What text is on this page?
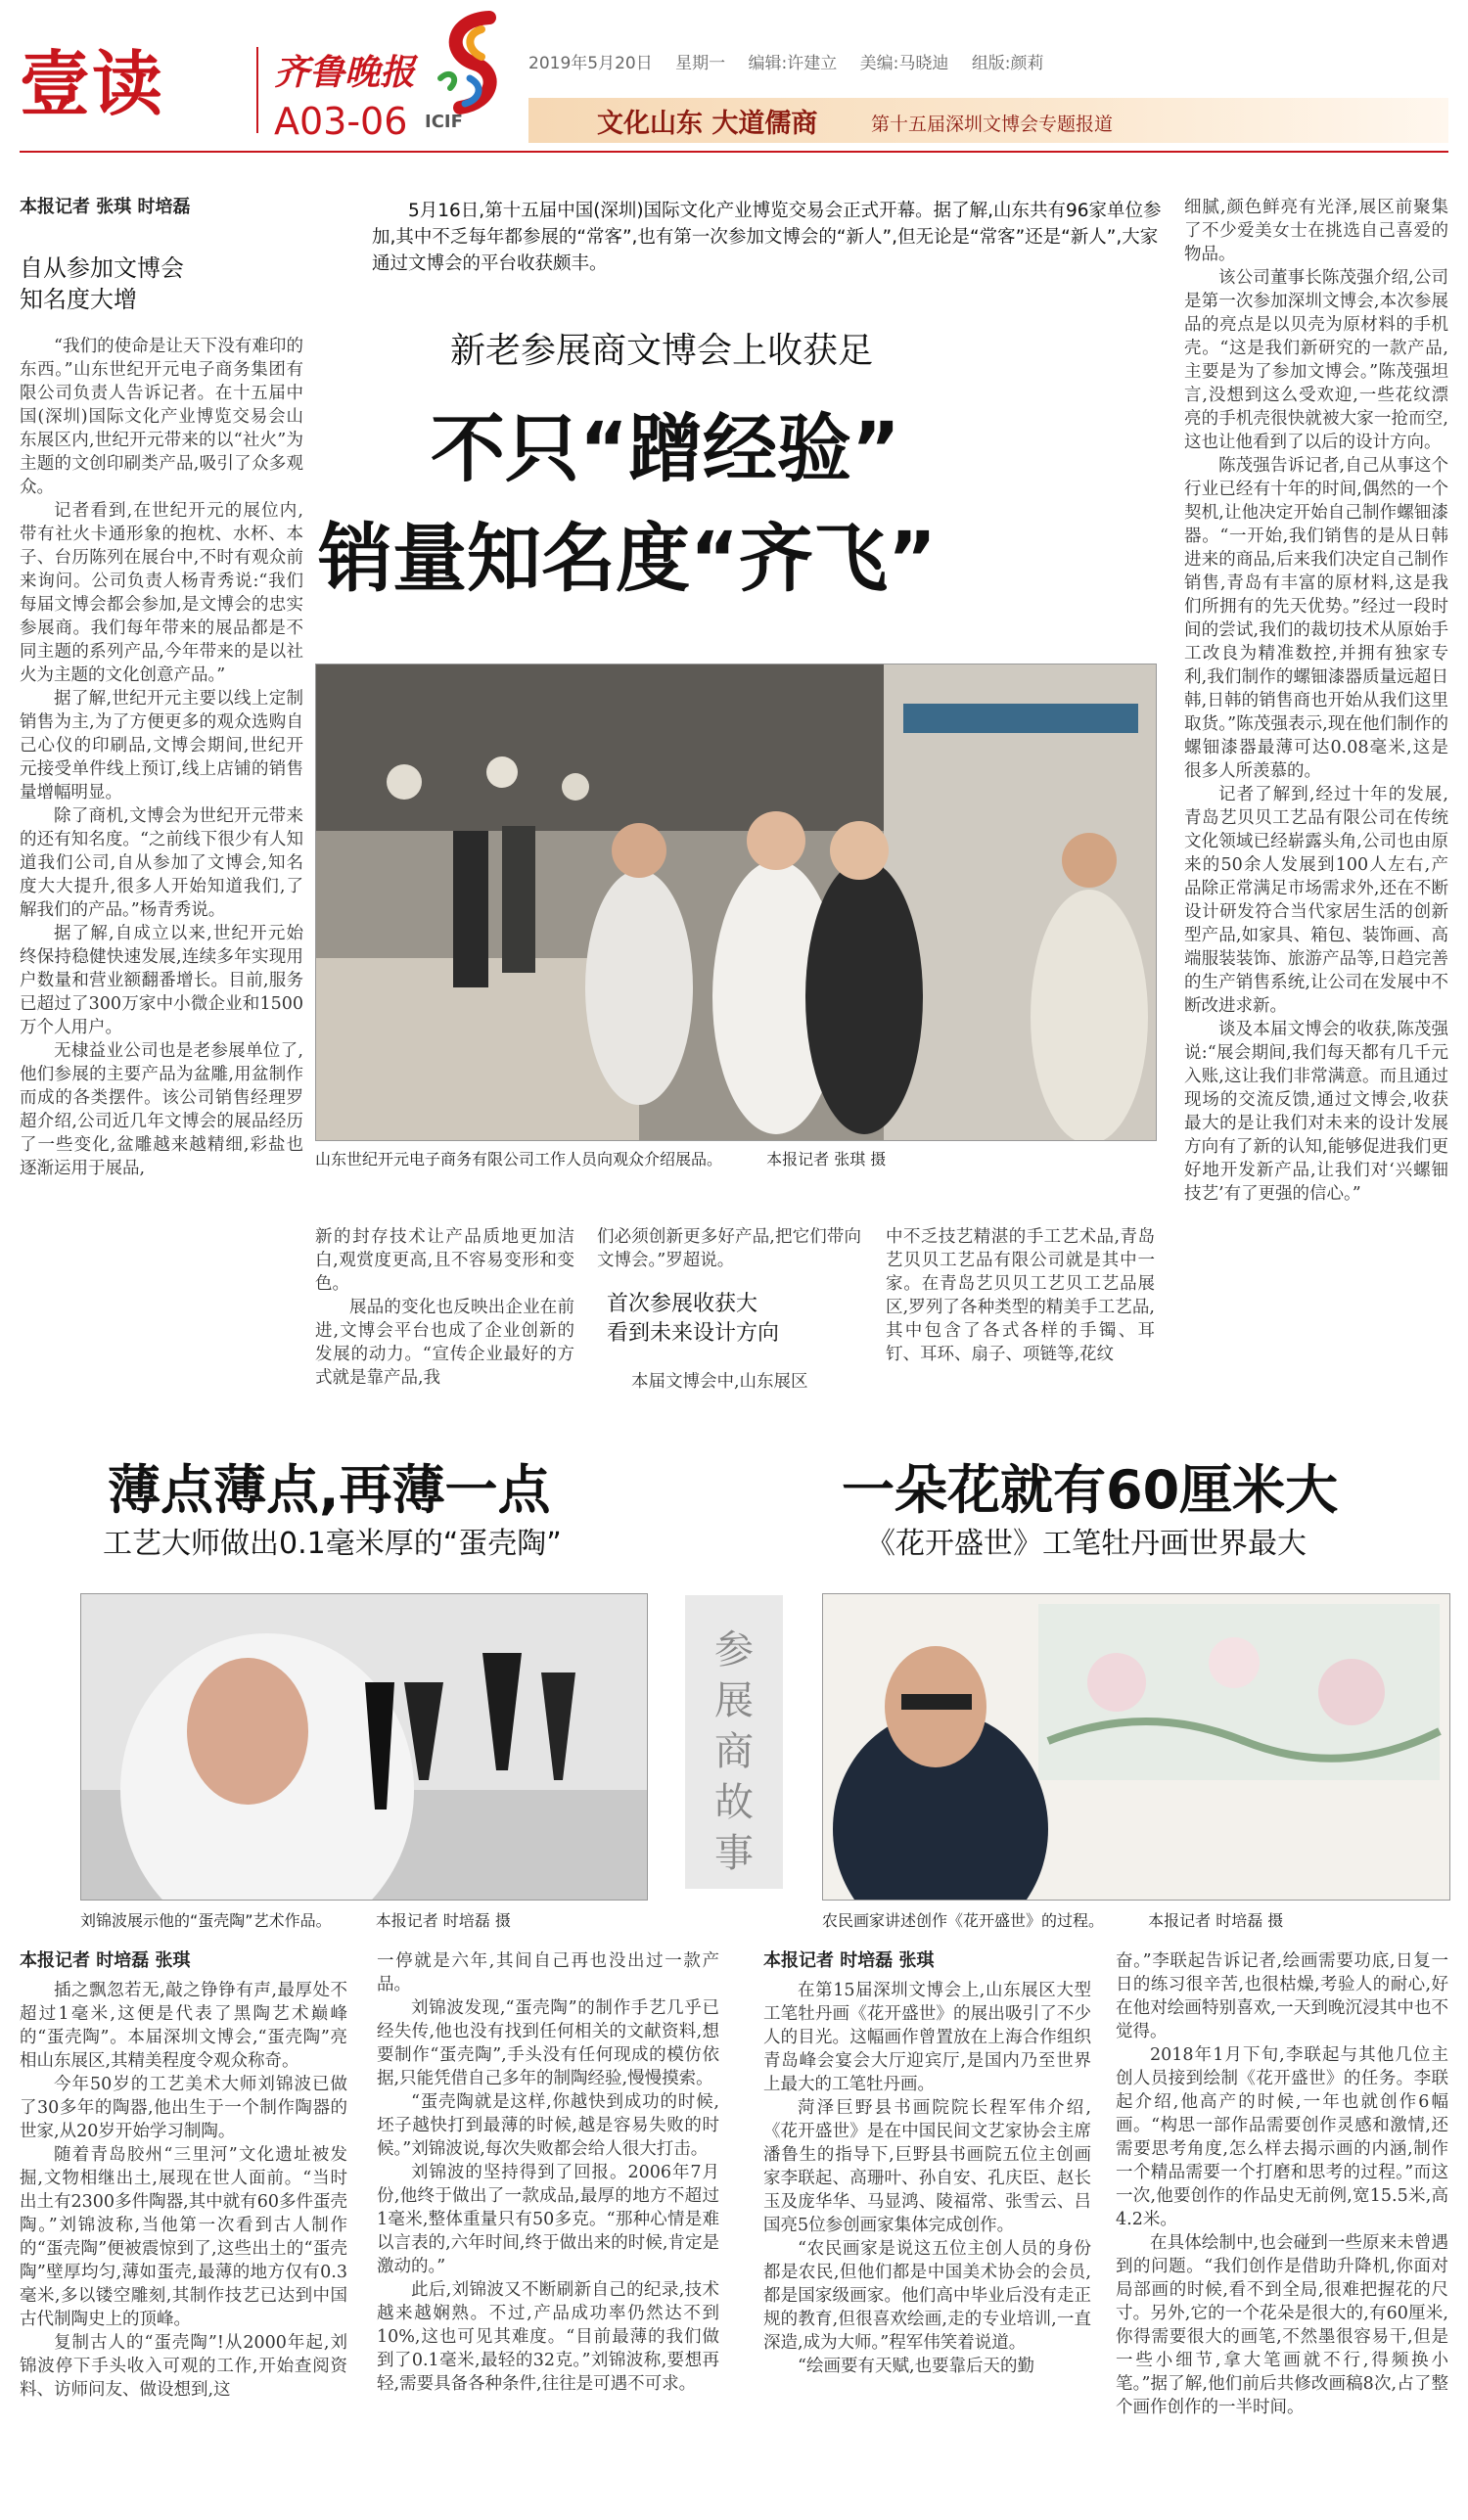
壹读	齐鲁晚报
A03-06 ICIF
2019年5月20日 星期一 编辑:许建立 美编:马晓迪 组版:颜莉
文化山东 大道儒商	第十五届深圳文博会专题报道
本报记者 张琪 时培磊
自从参加文博会
知名度大增

“我们的使命是让天下没有难印的东西。”山东世纪开元电子商务集团有限公司负责人告诉记者。在十五届中国(深圳)国际文化产业博览交易会山东展区内,世纪开元带来的以“社火”为主题的文创印刷类产品,吸引了众多观众。

记者看到,在世纪开元的展位内,带有社火卡通形象的抱枕、水杯、本子、台历陈列在展台中,不时有观众前来询问。公司负责人杨青秀说:“我们每届文博会都会参加,是文博会的忠实参展商。我们每年带来的展品都是不同主题的系列产品,今年带来的是以社火为主题的文化创意产品。”

据了解,世纪开元主要以线上定制销售为主,为了方便更多的观众选购自己心仪的印刷品,文博会期间,世纪开元接受单件线上预订,线上店铺的销售量增幅明显。

除了商机,文博会为世纪开元带来的还有知名度。“之前线下很少有人知道我们公司,自从参加了文博会,知名度大大提升,很多人开始知道我们,了解我们的产品。”杨青秀说。

据了解,自成立以来,世纪开元始终保持稳健快速发展,连续多年实现用户数量和营业额翻番增长。目前,服务已超过了300万家中小微企业和1500万个人用户。

无棣益业公司也是老参展单位了,他们参展的主要产品为盆雕,用盆制作而成的各类摆件。该公司销售经理罗超介绍,公司近几年文博会的展品经历了一些变化,盆雕越来越精细,彩盐也逐渐运用于展品,

5月16日,第十五届中国(深圳)国际文化产业博览交易会正式开幕。据了解,山东共有96家单位参加,其中不乏每年都参展的“常客”,也有第一次参加文博会的“新人”,但无论是“常客”还是“新人”,大家通过文博会的平台收获颇丰。
新老参展商文博会上收获足
不只“蹭经验”
销量知名度“齐飞”
山东世纪开元电子商务有限公司工作人员向观众介绍展品。	本报记者 张琪 摄
新的封存技术让产品质地更加洁白,观赏度更高,且不容易变形和变色。

展品的变化也反映出企业在前进,文博会平台也成了企业创新的发展的动力。“宣传企业最好的方式就是靠产品,我

们必须创新更多好产品,把它们带向文博会。”罗超说。
首次参展收获大
看到未来设计方向

本届文博会中,山东展区

中不乏技艺精湛的手工艺术品,青岛艺贝贝工艺品有限公司就是其中一家。在青岛艺贝贝工艺贝工艺品展区,罗列了各种类型的精美手工艺品,其中包含了各式各样的手镯、耳钉、耳环、扇子、项链等,花纹
细腻,颜色鲜亮有光泽,展区前聚集了不少爱美女士在挑选自己喜爱的物品。

该公司董事长陈茂强介绍,公司是第一次参加深圳文博会,本次参展品的亮点是以贝壳为原材料的手机壳。“这是我们新研究的一款产品,主要是为了参加文博会。”陈茂强坦言,没想到这么受欢迎,一些花纹漂亮的手机壳很快就被大家一抢而空,这也让他看到了以后的设计方向。

陈茂强告诉记者,自己从事这个行业已经有十年的时间,偶然的一个契机,让他决定开始自己制作螺钿漆器。“一开始,我们销售的是从日韩进来的商品,后来我们决定自己制作销售,青岛有丰富的原材料,这是我们所拥有的先天优势。”经过一段时间的尝试,我们的裁切技术从原始手工改良为精准数控,并拥有独家专利,我们制作的螺钿漆器质量远超日韩,日韩的销售商也开始从我们这里取货。”陈茂强表示,现在他们制作的螺钿漆器最薄可达0.08毫米,这是很多人所羡慕的。

记者了解到,经过十年的发展,青岛艺贝贝工艺品有限公司在传统文化领域已经崭露头角,公司也由原来的50余人发展到100人左右,产品除正常满足市场需求外,还在不断设计研发符合当代家居生活的创新型产品,如家具、箱包、装饰画、高端服装装饰、旅游产品等,日趋完善的生产销售系统,让公司在发展中不断改进求新。

谈及本届文博会的收获,陈茂强说:“展会期间,我们每天都有几千元入账,这让我们非常满意。而且通过现场的交流反馈,通过文博会,收获最大的是让我们对未来的设计发展方向有了新的认知,能够促进我们更好地开发新产品,让我们对‘兴螺钿技艺’有了更强的信心。”

薄点薄点,再薄一点
工艺大师做出0.1毫米厚的“蛋壳陶”
一朵花就有60厘米大
《花开盛世》工笔牡丹画世界最大
刘锦波展示他的“蛋壳陶”艺术作品。	本报记者 时培磊 摄
参展商故事
农民画家讲述创作《花开盛世》的过程。	本报记者 时培磊 摄
本报记者 时培磊 张琪

插之飘忽若无,敲之铮铮有声,最厚处不超过1毫米,这便是代表了黑陶艺术巅峰的“蛋壳陶”。本届深圳文博会,“蛋壳陶”亮相山东展区,其精美程度令观众称奇。

今年50岁的工艺美术大师刘锦波已做了30多年的陶器,他出生于一个制作陶器的世家,从20岁开始学习制陶。

随着青岛胶州“三里河”文化遗址被发掘,文物相继出土,展现在世人面前。“当时出土有2300多件陶器,其中就有60多件蛋壳陶。”刘锦波称,当他第一次看到古人制作的“蛋壳陶”便被震惊到了,这些出土的“蛋壳陶”壁厚均匀,薄如蛋壳,最薄的地方仅有0.3毫米,多以镂空雕刻,其制作技艺已达到中国古代制陶史上的顶峰。

复制古人的“蛋壳陶”!从2000年起,刘锦波停下手头收入可观的工作,开始查阅资料、访师问友、做设想到,这

一停就是六年,其间自己再也没出过一款产品。

刘锦波发现,“蛋壳陶”的制作手艺几乎已经失传,他也没有找到任何相关的文献资料,想要制作“蛋壳陶”,手头没有任何现成的模仿依据,只能凭借自己多年的制陶经验,慢慢摸索。

“蛋壳陶就是这样,你越快到成功的时候,坯子越快打到最薄的时候,越是容易失败的时候。”刘锦波说,每次失败都会给人很大打击。

刘锦波的坚持得到了回报。2006年7月份,他终于做出了一款成品,最厚的地方不超过1毫米,整体重量只有50多克。“那种心情是难以言表的,六年时间,终于做出来的时候,肯定是激动的。”

此后,刘锦波又不断刷新自己的纪录,技术越来越娴熟。不过,产品成功率仍然达不到10%,这也可见其难度。“目前最薄的我们做到了0.1毫米,最轻的32克。”刘锦波称,要想再轻,需要具备各种条件,往往是可遇不可求。

本报记者 时培磊 张琪

在第15届深圳文博会上,山东展区大型工笔牡丹画《花开盛世》的展出吸引了不少人的目光。这幅画作曾置放在上海合作组织青岛峰会宴会大厅迎宾厅,是国内乃至世界上最大的工笔牡丹画。

菏泽巨野县书画院院长程军伟介绍,《花开盛世》是在中国民间文艺家协会主席潘鲁生的指导下,巨野县书画院五位主创画家李联起、高珊叶、孙自安、孔庆臣、赵长玉及庞华华、马显鸿、陵福常、张雪云、吕国亮5位参创画家集体完成创作。

“农民画家是说这五位主创人员的身份都是农民,但他们都是中国美术协会的会员,都是国家级画家。他们高中毕业后没有走正规的教育,但很喜欢绘画,走的专业培训,一直深造,成为大师。”程军伟笑着说道。

“绘画要有天赋,也要靠后天的勤

奋。”李联起告诉记者,绘画需要功底,日复一日的练习很辛苦,也很枯燥,考验人的耐心,好在他对绘画特别喜欢,一天到晚沉浸其中也不觉得。

2018年1月下旬,李联起与其他几位主创人员接到绘制《花开盛世》的任务。李联起介绍,他高产的时候,一年也就创作6幅画。“构思一部作品需要创作灵感和激情,还需要思考角度,怎么样去揭示画的内涵,制作一个精品需要一个打磨和思考的过程。”而这一次,他要创作的作品史无前例,宽15.5米,高4.2米。

在具体绘制中,也会碰到一些原来未曾遇到的问题。“我们创作是借助升降机,你面对局部画的时候,看不到全局,很难把握花的尺寸。另外,它的一个花朵是很大的,有60厘米,你得需要很大的画笔,不然墨很容易干,但是一些小细节,拿大笔画就不行,得频换小笔。”据了解,他们前后共修改画稿8次,占了整个画作创作的一半时间。
